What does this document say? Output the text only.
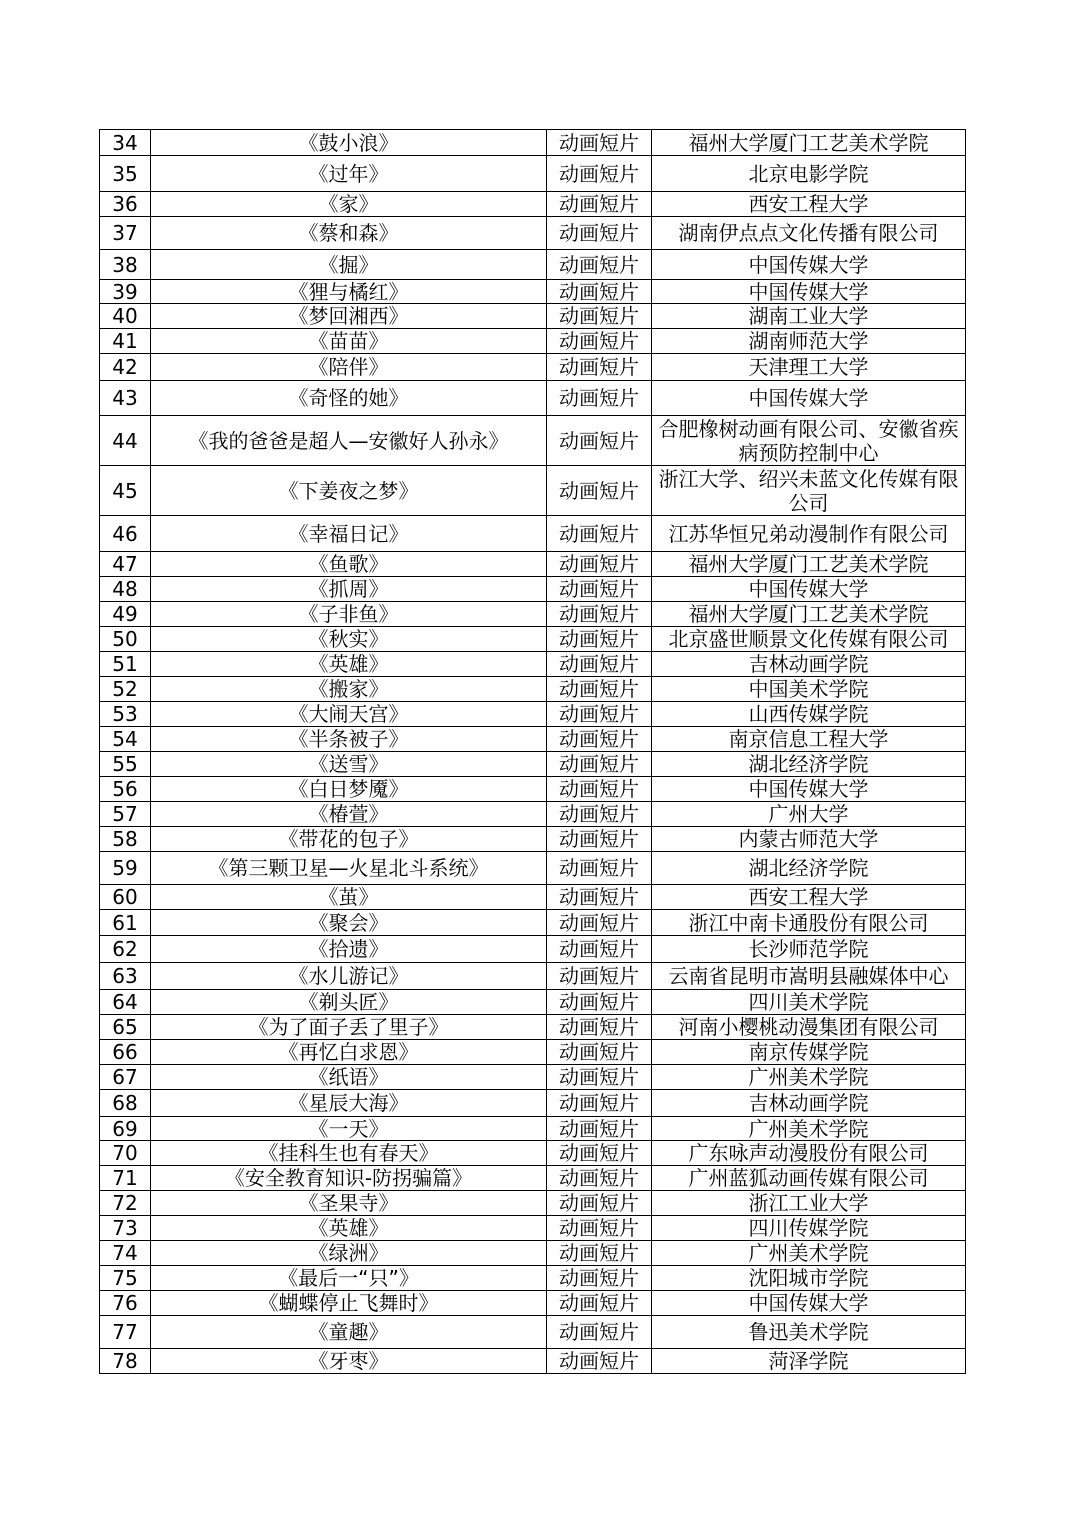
34	《鼓小浪》	动画短片	福州大学厦门工艺美术学院
35	《过年》	动画短片	北京电影学院
36	《家》	动画短片	西安工程大学
37	《蔡和森》	动画短片	湖南伊点点文化传播有限公司
38	《掘》	动画短片	中国传媒大学
39	《狸与橘红》	动画短片	中国传媒大学
40	《梦回湘西》	动画短片	湖南工业大学
41	《苗苗》	动画短片	湖南师范大学
42	《陪伴》	动画短片	天津理工大学
43	《奇怪的她》	动画短片	中国传媒大学
44	《我的爸爸是超人—安徽好人孙永》	动画短片	合肥橡树动画有限公司、安徽省疾病预防控制中心
45	《下姜夜之梦》	动画短片	浙江大学、绍兴未蓝文化传媒有限公司
46	《幸福日记》	动画短片	江苏华恒兄弟动漫制作有限公司
47	《鱼歌》	动画短片	福州大学厦门工艺美术学院
48	《抓周》	动画短片	中国传媒大学
49	《子非鱼》	动画短片	福州大学厦门工艺美术学院
50	《秋实》	动画短片	北京盛世顺景文化传媒有限公司
51	《英雄》	动画短片	吉林动画学院
52	《搬家》	动画短片	中国美术学院
53	《大闹天宫》	动画短片	山西传媒学院
54	《半条被子》	动画短片	南京信息工程大学
55	《送雪》	动画短片	湖北经济学院
56	《白日梦魇》	动画短片	中国传媒大学
57	《椿萱》	动画短片	广州大学
58	《带花的包子》	动画短片	内蒙古师范大学
59	《第三颗卫星—火星北斗系统》	动画短片	湖北经济学院
60	《茧》	动画短片	西安工程大学
61	《聚会》	动画短片	浙江中南卡通股份有限公司
62	《拾遗》	动画短片	长沙师范学院
63	《水儿游记》	动画短片	云南省昆明市嵩明县融媒体中心
64	《剃头匠》	动画短片	四川美术学院
65	《为了面子丢了里子》	动画短片	河南小樱桃动漫集团有限公司
66	《再忆白求恩》	动画短片	南京传媒学院
67	《纸语》	动画短片	广州美术学院
68	《星辰大海》	动画短片	吉林动画学院
69	《一天》	动画短片	广州美术学院
70	《挂科生也有春天》	动画短片	广东咏声动漫股份有限公司
71	《安全教育知识-防拐骗篇》	动画短片	广州蓝狐动画传媒有限公司
72	《圣果寺》	动画短片	浙江工业大学
73	《英雄》	动画短片	四川传媒学院
74	《绿洲》	动画短片	广州美术学院
75	《最后一“只”》	动画短片	沈阳城市学院
76	《蝴蝶停止飞舞时》	动画短片	中国传媒大学
77	《童趣》	动画短片	鲁迅美术学院
78	《牙枣》	动画短片	菏泽学院
